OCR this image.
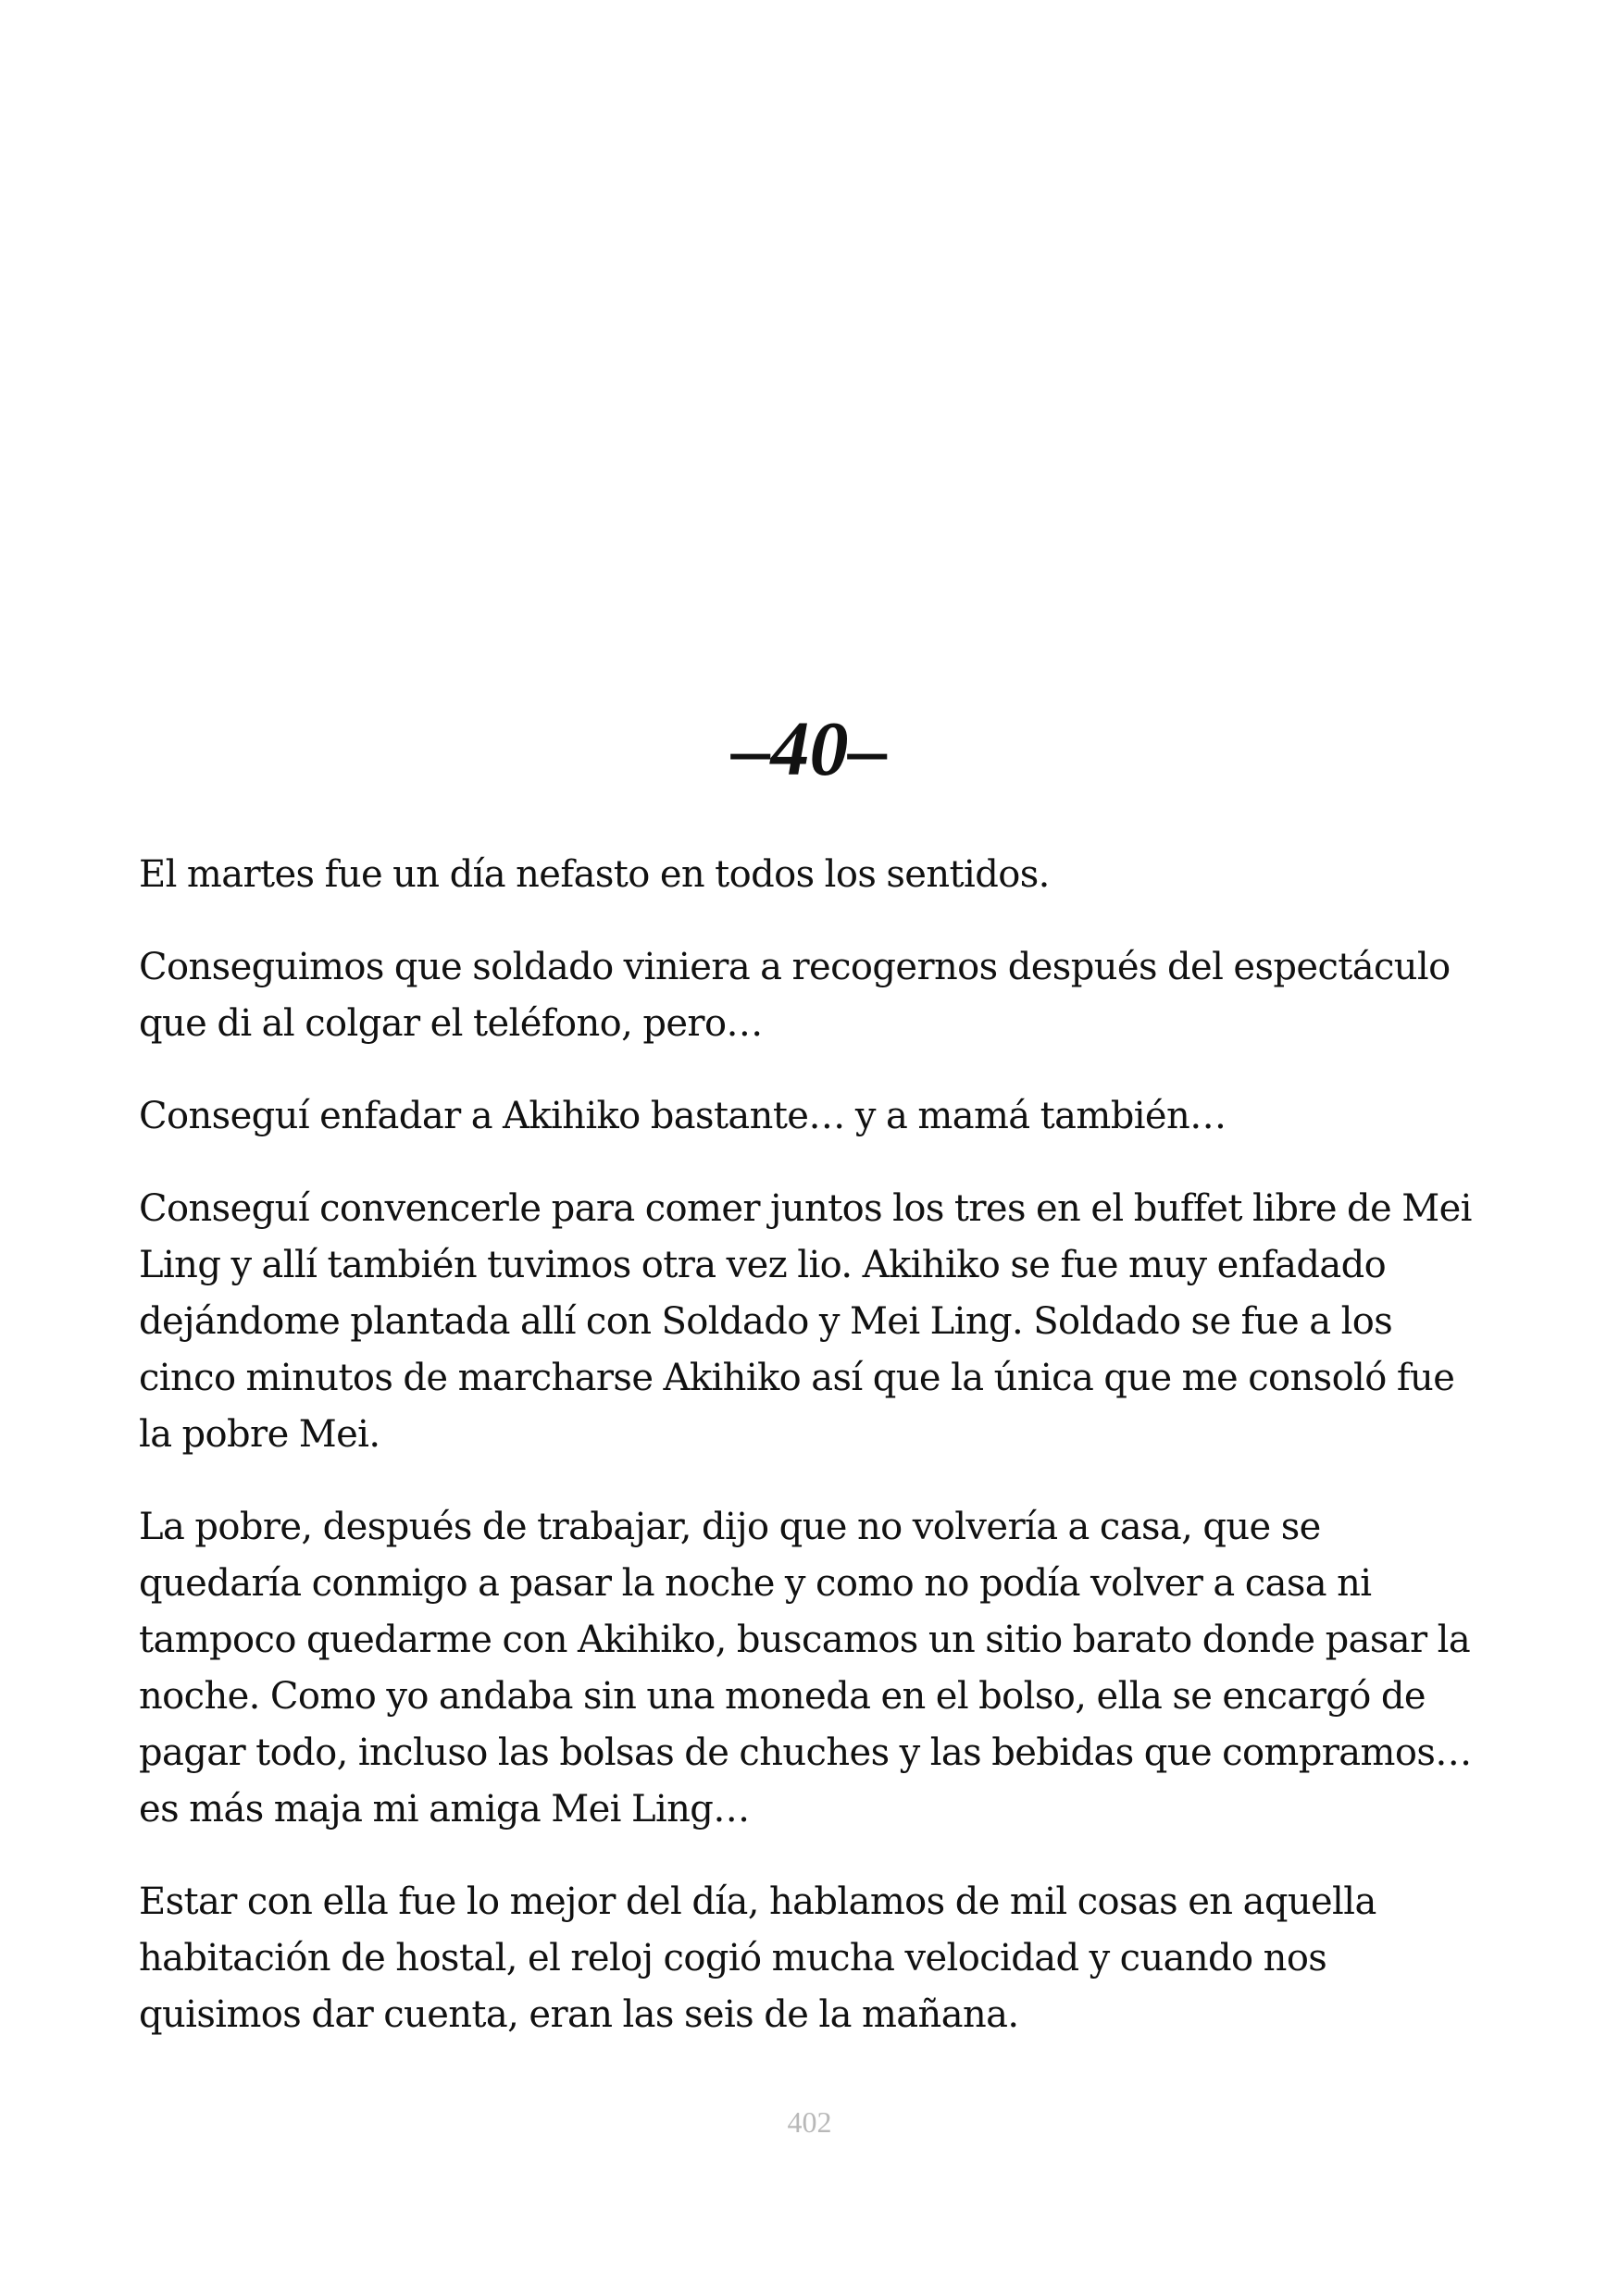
–40–

El martes fue un día nefasto en todos los sentidos.

Conseguimos que soldado viniera a recogernos después del espectáculo que di al colgar el teléfono, pero…

Conseguí enfadar a Akihiko bastante… y a mamá también…

Conseguí convencerle para comer juntos los tres en el buffet libre de Mei Ling y allí también tuvimos otra vez lio. Akihiko se fue muy enfadado dejándome plantada allí con Soldado y Mei Ling. Soldado se fue a los cinco minutos de marcharse Akihiko así que la única que me consoló fue la pobre Mei.

La pobre, después de trabajar, dijo que no volvería a casa, que se quedaría conmigo a pasar la noche y como no podía volver a casa ni tampoco quedarme con Akihiko, buscamos un sitio barato donde pasar la noche. Como yo andaba sin una moneda en el bolso, ella se encargó de pagar todo, incluso las bolsas de chuches y las bebidas que compramos… es más maja mi amiga Mei Ling…

Estar con ella fue lo mejor del día, hablamos de mil cosas en aquella habitación de hostal, el reloj cogió mucha velocidad y cuando nos quisimos dar cuenta, eran las seis de la mañana.

402
